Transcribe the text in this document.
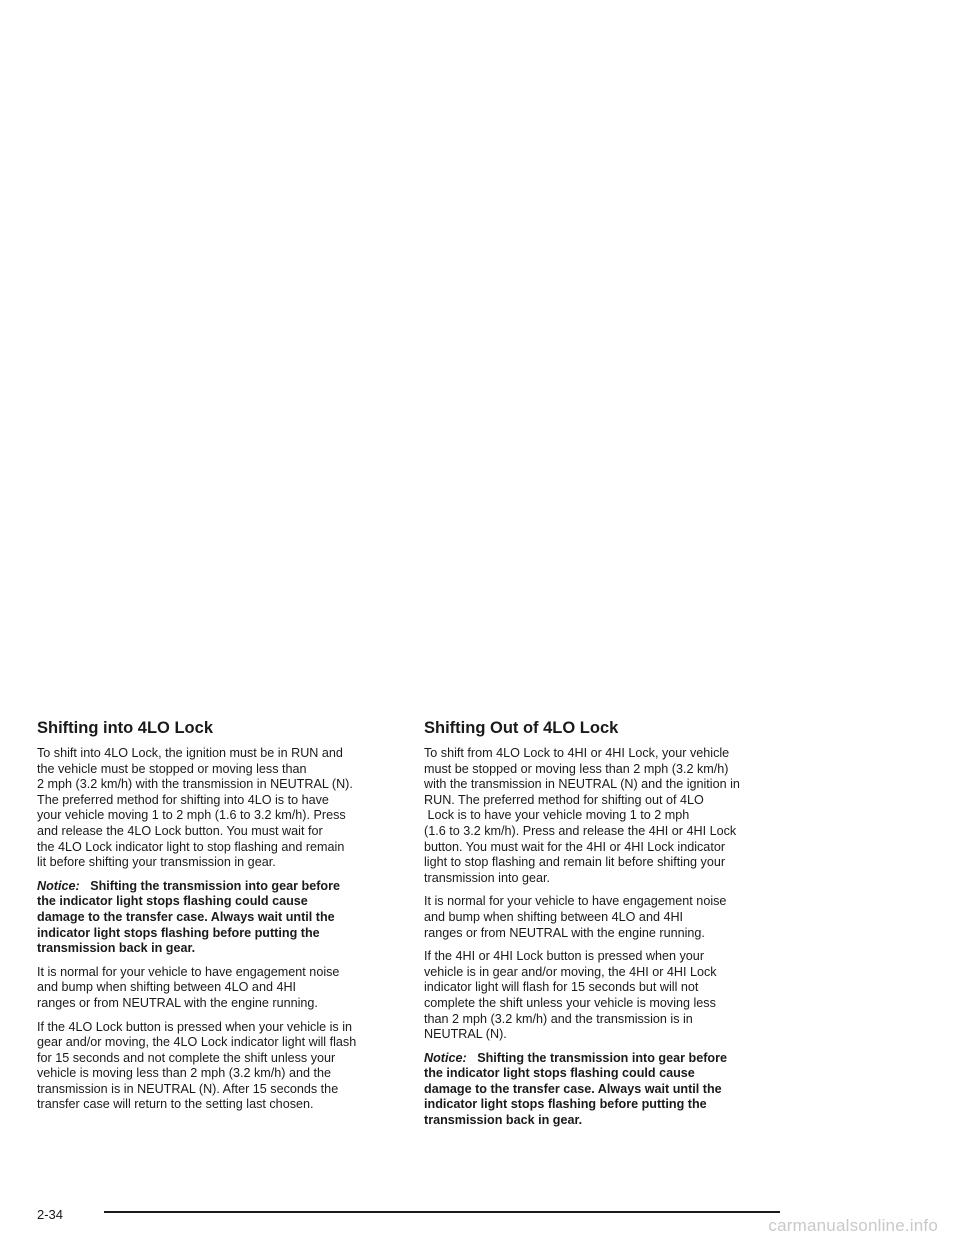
Shifting into 4LO Lock

To shift into 4LO Lock, the ignition must be in RUN and
the vehicle must be stopped or moving less than
2 mph (3.2 km/h) with the transmission in NEUTRAL (N).
The preferred method for shifting into 4LO is to have
your vehicle moving 1 to 2 mph (1.6 to 3.2 km/h). Press
and release the 4LO Lock button. You must wait for
the 4LO Lock indicator light to stop flashing and remain
lit before shifting your transmission in gear.

Notice: Shifting the transmission into gear before
the indicator light stops flashing could cause
damage to the transfer case. Always wait until the
indicator light stops flashing before putting the
transmission back in gear.

It is normal for your vehicle to have engagement noise
and bump when shifting between 4LO and 4HI
ranges or from NEUTRAL with the engine running.

If the 4LO Lock button is pressed when your vehicle is in
gear and/or moving, the 4LO Lock indicator light will flash
for 15 seconds and not complete the shift unless your
vehicle is moving less than 2 mph (3.2 km/h) and the
transmission is in NEUTRAL (N). After 15 seconds the
transfer case will return to the setting last chosen.

Shifting Out of 4LO Lock

To shift from 4LO Lock to 4HI or 4HI Lock, your vehicle
must be stopped or moving less than 2 mph (3.2 km/h)
with the transmission in NEUTRAL (N) and the ignition in
RUN. The preferred method for shifting out of 4LO
Lock is to have your vehicle moving 1 to 2 mph
(1.6 to 3.2 km/h). Press and release the 4HI or 4HI Lock
button. You must wait for the 4HI or 4HI Lock indicator
light to stop flashing and remain lit before shifting your
transmission into gear.

It is normal for your vehicle to have engagement noise
and bump when shifting between 4LO and 4HI
ranges or from NEUTRAL with the engine running.

If the 4HI or 4HI Lock button is pressed when your
vehicle is in gear and/or moving, the 4HI or 4HI Lock
indicator light will flash for 15 seconds but will not
complete the shift unless your vehicle is moving less
than 2 mph (3.2 km/h) and the transmission is in
NEUTRAL (N).

Notice: Shifting the transmission into gear before
the indicator light stops flashing could cause
damage to the transfer case. Always wait until the
indicator light stops flashing before putting the
transmission back in gear.

2-34
carmanualsonline.info
